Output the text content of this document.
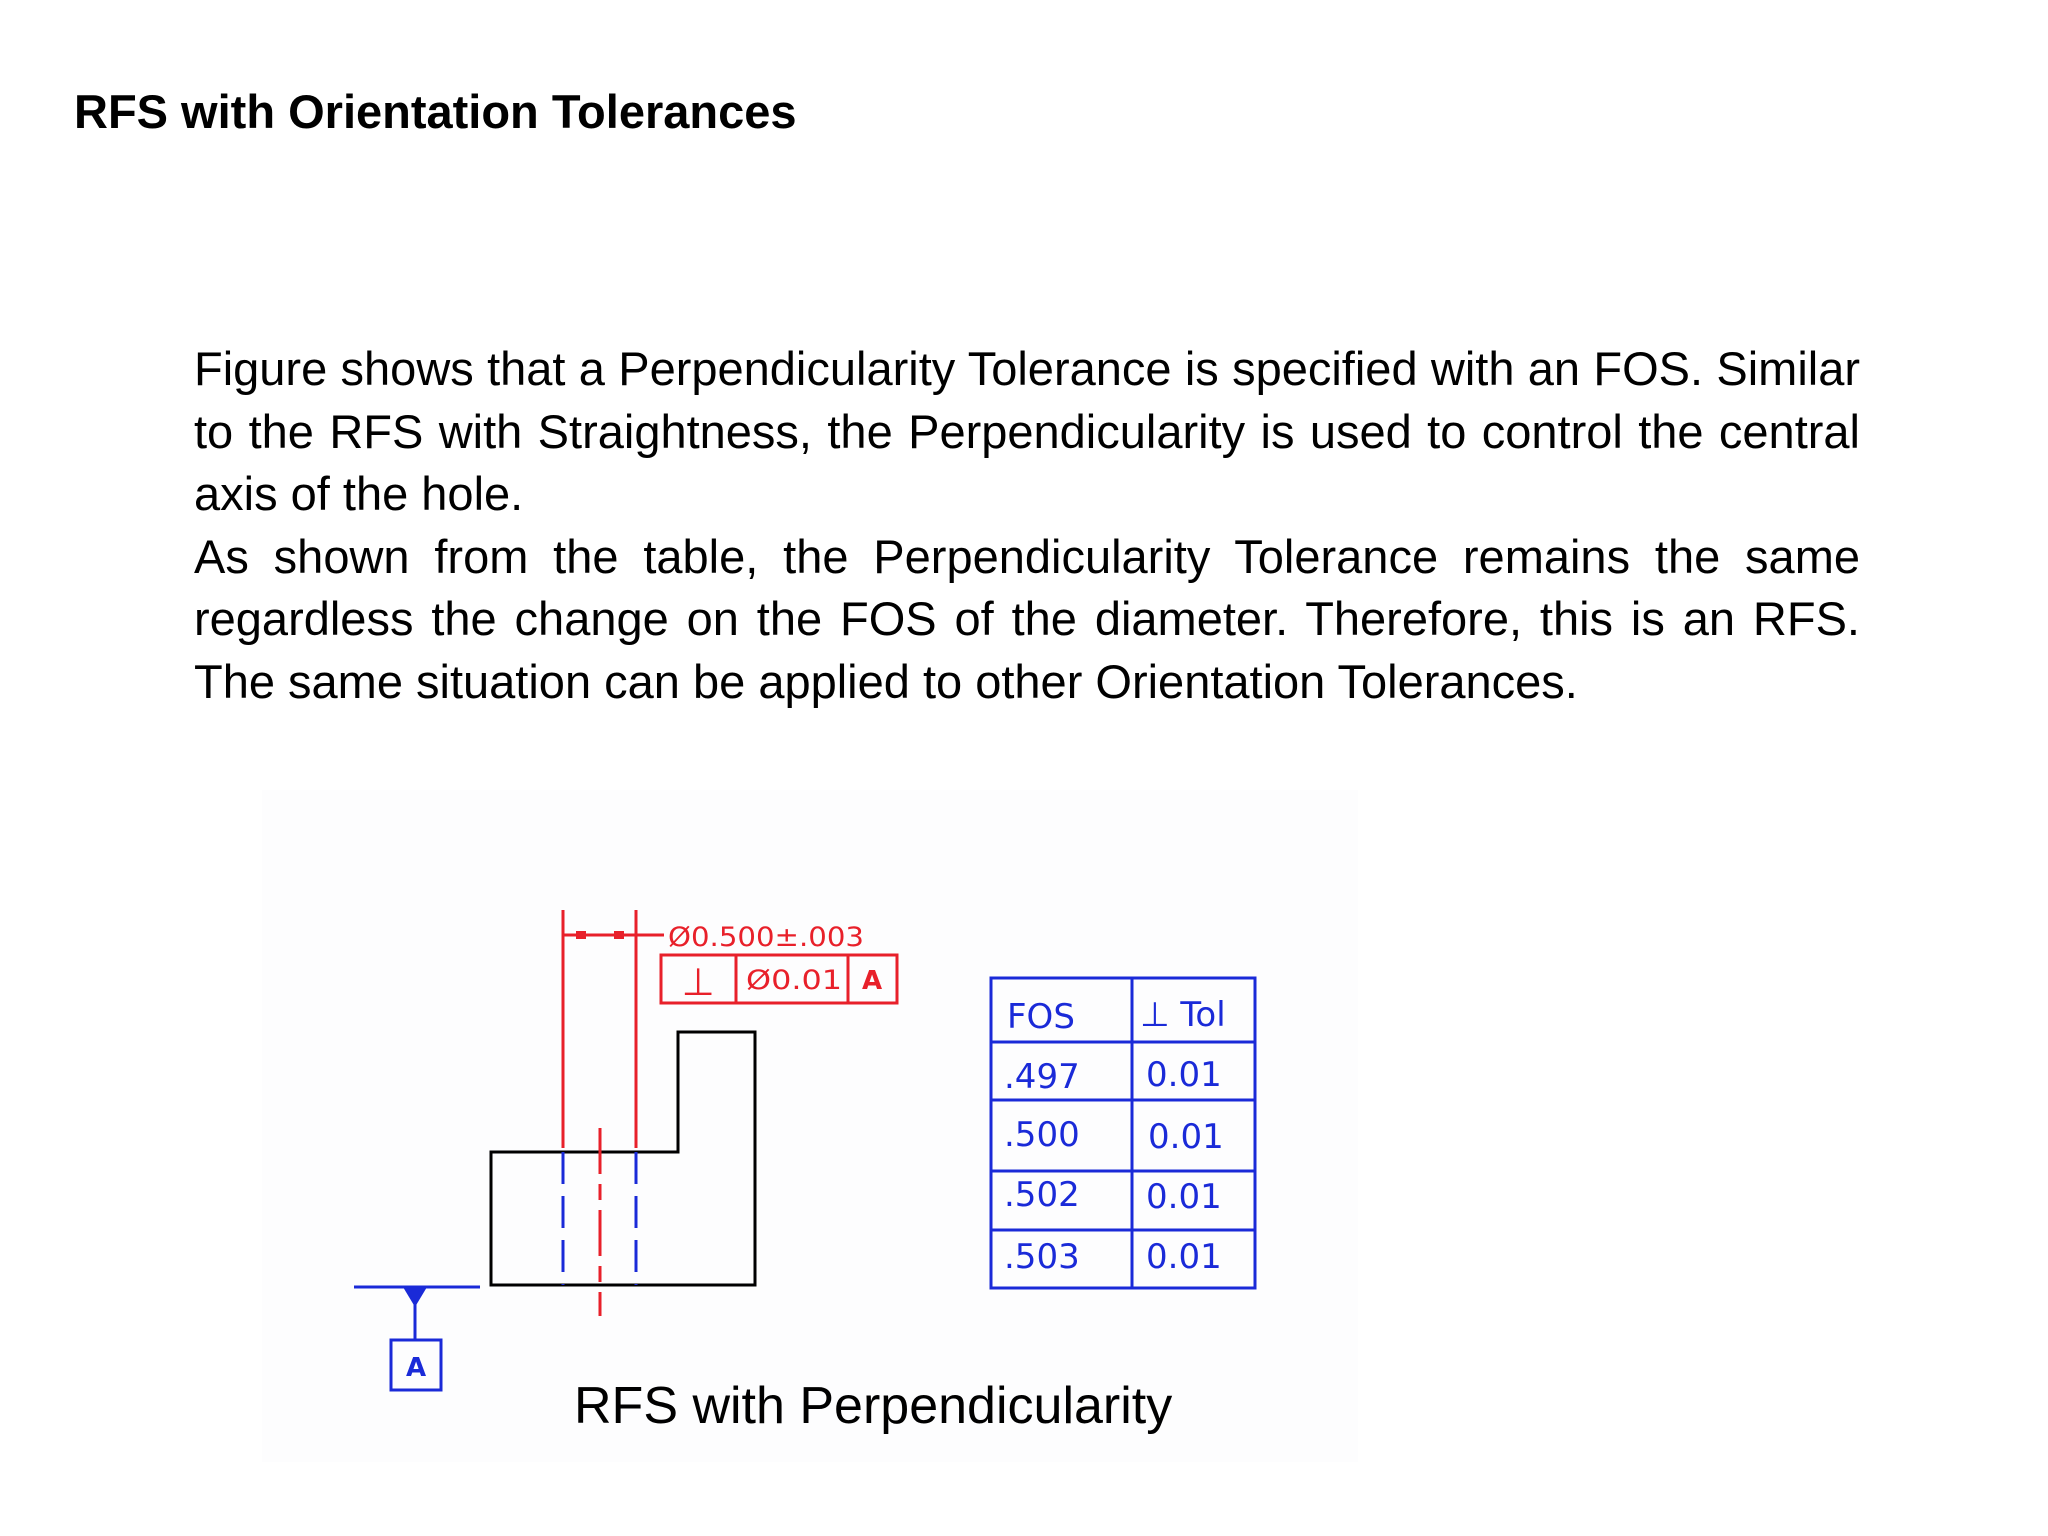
RFS with Orientation Tolerances

Figure shows that a Perpendicularity Tolerance is specified with an FOS. Similar to the RFS with Straightness, the Perpendicularity is used to control the central axis of the hole.

As shown from the table, the Perpendicularity Tolerance remains the same regardless the change on the FOS of the diameter. Therefore, this is an RFS. The same situation can be applied to other Orientation Tolerances.

A
Ø0.500±.003
⊥ Ø0.01 A
FOS ⊥ Tol
.497 0.01
.500 0.01
.502 0.01
.503 0.01
RFS with Perpendicularity
